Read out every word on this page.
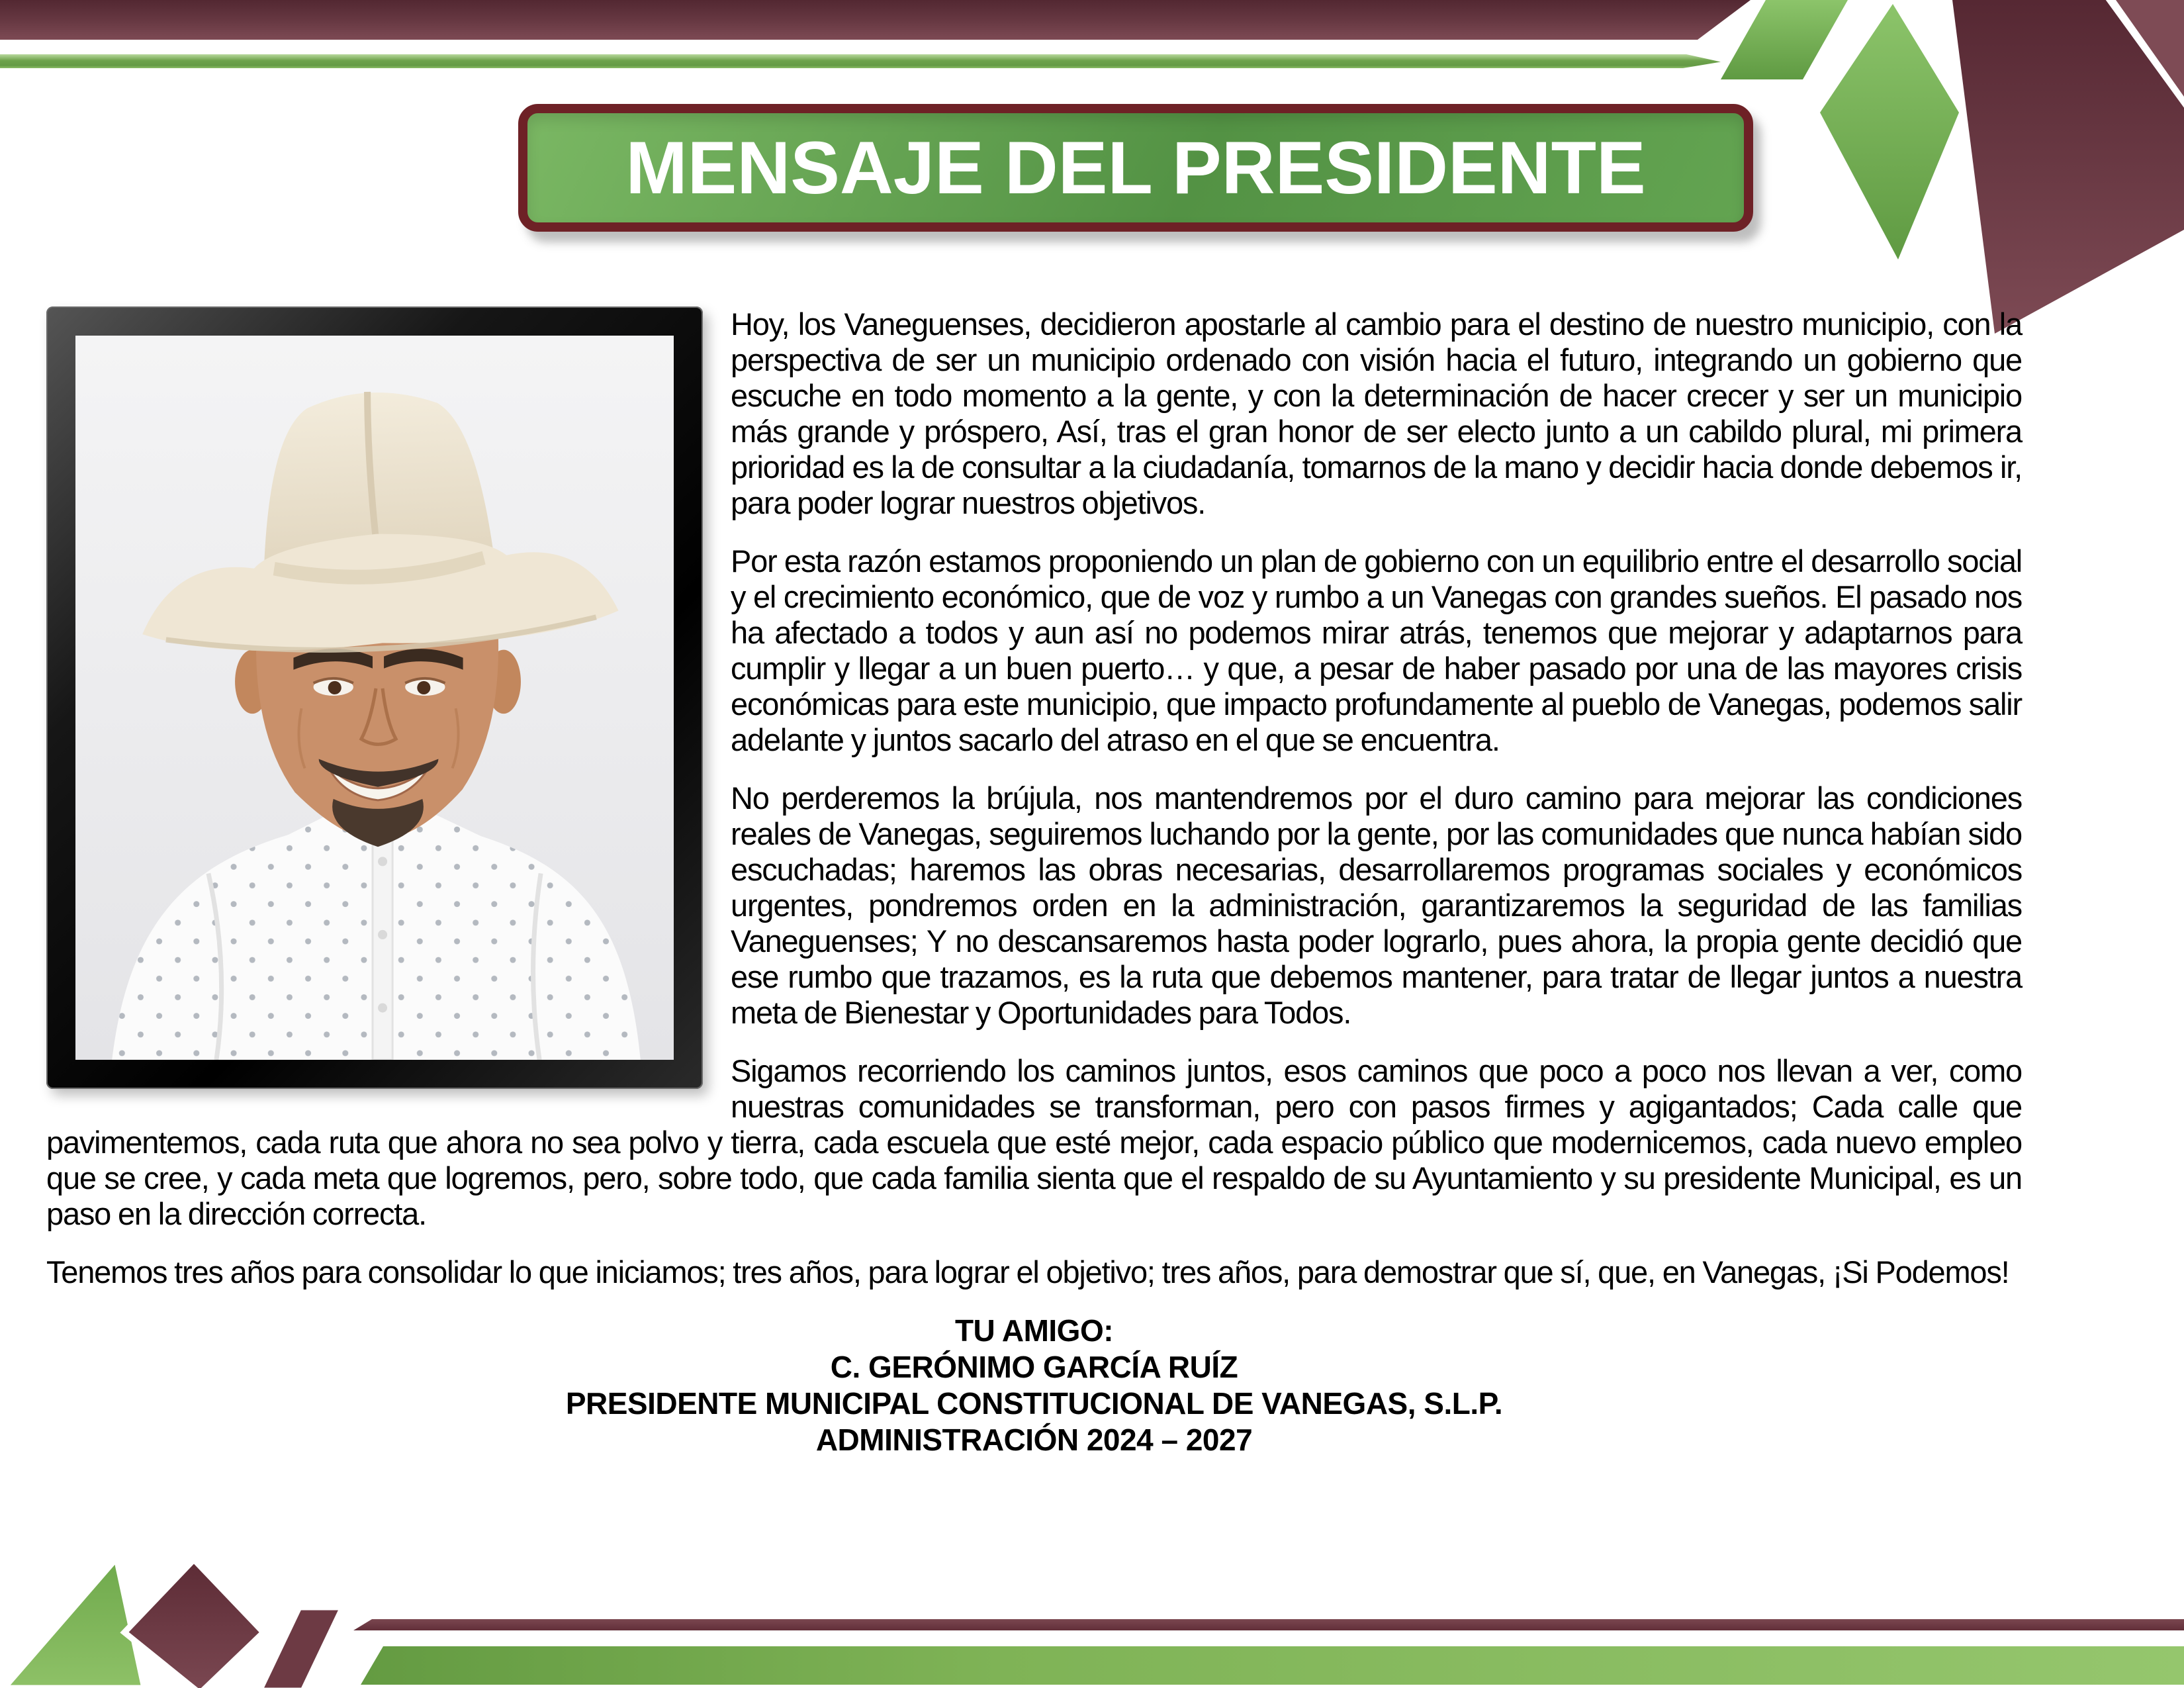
MENSAJE DEL PRESIDENTE

Hoy, los Vaneguenses, decidieron apostarle al cambio para el destino de nuestro municipio, con la perspectiva de ser un municipio ordenado con visión hacia el futuro, integrando un gobierno que escuche en todo momento a la gente, y con la determinación de hacer crecer y ser un municipio más grande y próspero, Así, tras el gran honor de ser electo junto a un cabildo plural, mi primera prioridad es la de consultar a la ciudadanía, tomarnos de la mano y decidir hacia donde debemos ir, para poder lograr nuestros objetivos.

Por esta razón estamos proponiendo un plan de gobierno con un equilibrio entre el desarrollo social y el crecimiento económico, que de voz y rumbo a un Vanegas con grandes sueños. El pasado nos ha afectado a todos y aun así no podemos mirar atrás, tenemos que mejorar y adaptarnos para cumplir y llegar a un buen puerto… y que, a pesar de haber pasado por una de las mayores crisis económicas para este municipio, que impacto profundamente al pueblo de Vanegas, podemos salir adelante y juntos sacarlo del atraso en el que se encuentra.

No perderemos la brújula, nos mantendremos por el duro camino para mejorar las condiciones reales de Vanegas, seguiremos luchando por la gente, por las comunidades que nunca habían sido escuchadas; haremos las obras necesarias, desarrollaremos programas sociales y económicos urgentes, pondremos orden en la administración, garantizaremos la seguridad de las familias Vaneguenses; Y no descansaremos hasta poder lograrlo, pues ahora, la propia gente decidió que ese rumbo que trazamos, es la ruta que debemos mantener, para tratar de llegar juntos a nuestra meta de Bienestar y Oportunidades para Todos.

Sigamos recorriendo los caminos juntos, esos caminos que poco a poco nos llevan a ver, como nuestras comunidades se transforman, pero con pasos firmes y agigantados; Cada calle que pavimentemos, cada ruta que ahora no sea polvo y tierra, cada escuela que esté mejor, cada espacio público que modernicemos, cada nuevo empleo que se cree, y cada meta que logremos, pero, sobre todo, que cada familia sienta que el respaldo de su Ayuntamiento y su presidente Municipal, es un paso en la dirección correcta.

Tenemos tres años para consolidar lo que iniciamos; tres años, para lograr el objetivo; tres años, para demostrar que sí, que, en Vanegas, ¡Si Podemos!

TU AMIGO:
C. GERÓNIMO GARCÍA RUÍZ
PRESIDENTE MUNICIPAL CONSTITUCIONAL DE VANEGAS, S.L.P.
ADMINISTRACIÓN 2024 – 2027
